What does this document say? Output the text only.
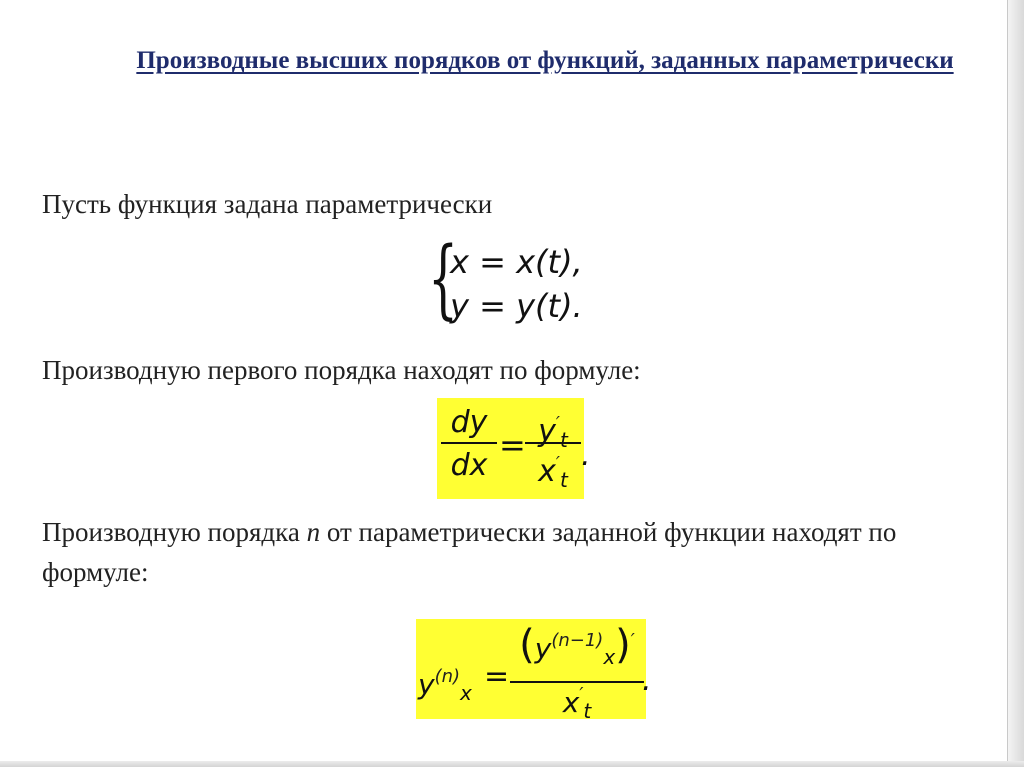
Производные высших порядков от функций, заданных параметрически
Пусть функция задана параметрически
{
x = x(t),
y = y(t).
Производную первого порядка находят по формуле:
$\frac{dy}{dx} = \frac{y'_t}{x'_t}$ .
Производную порядка n от параметрически заданной функции находят по формуле:
$y^{(n)}_x$ =
$(y^{(n-1)}_x)'$
$x'_t$
.
